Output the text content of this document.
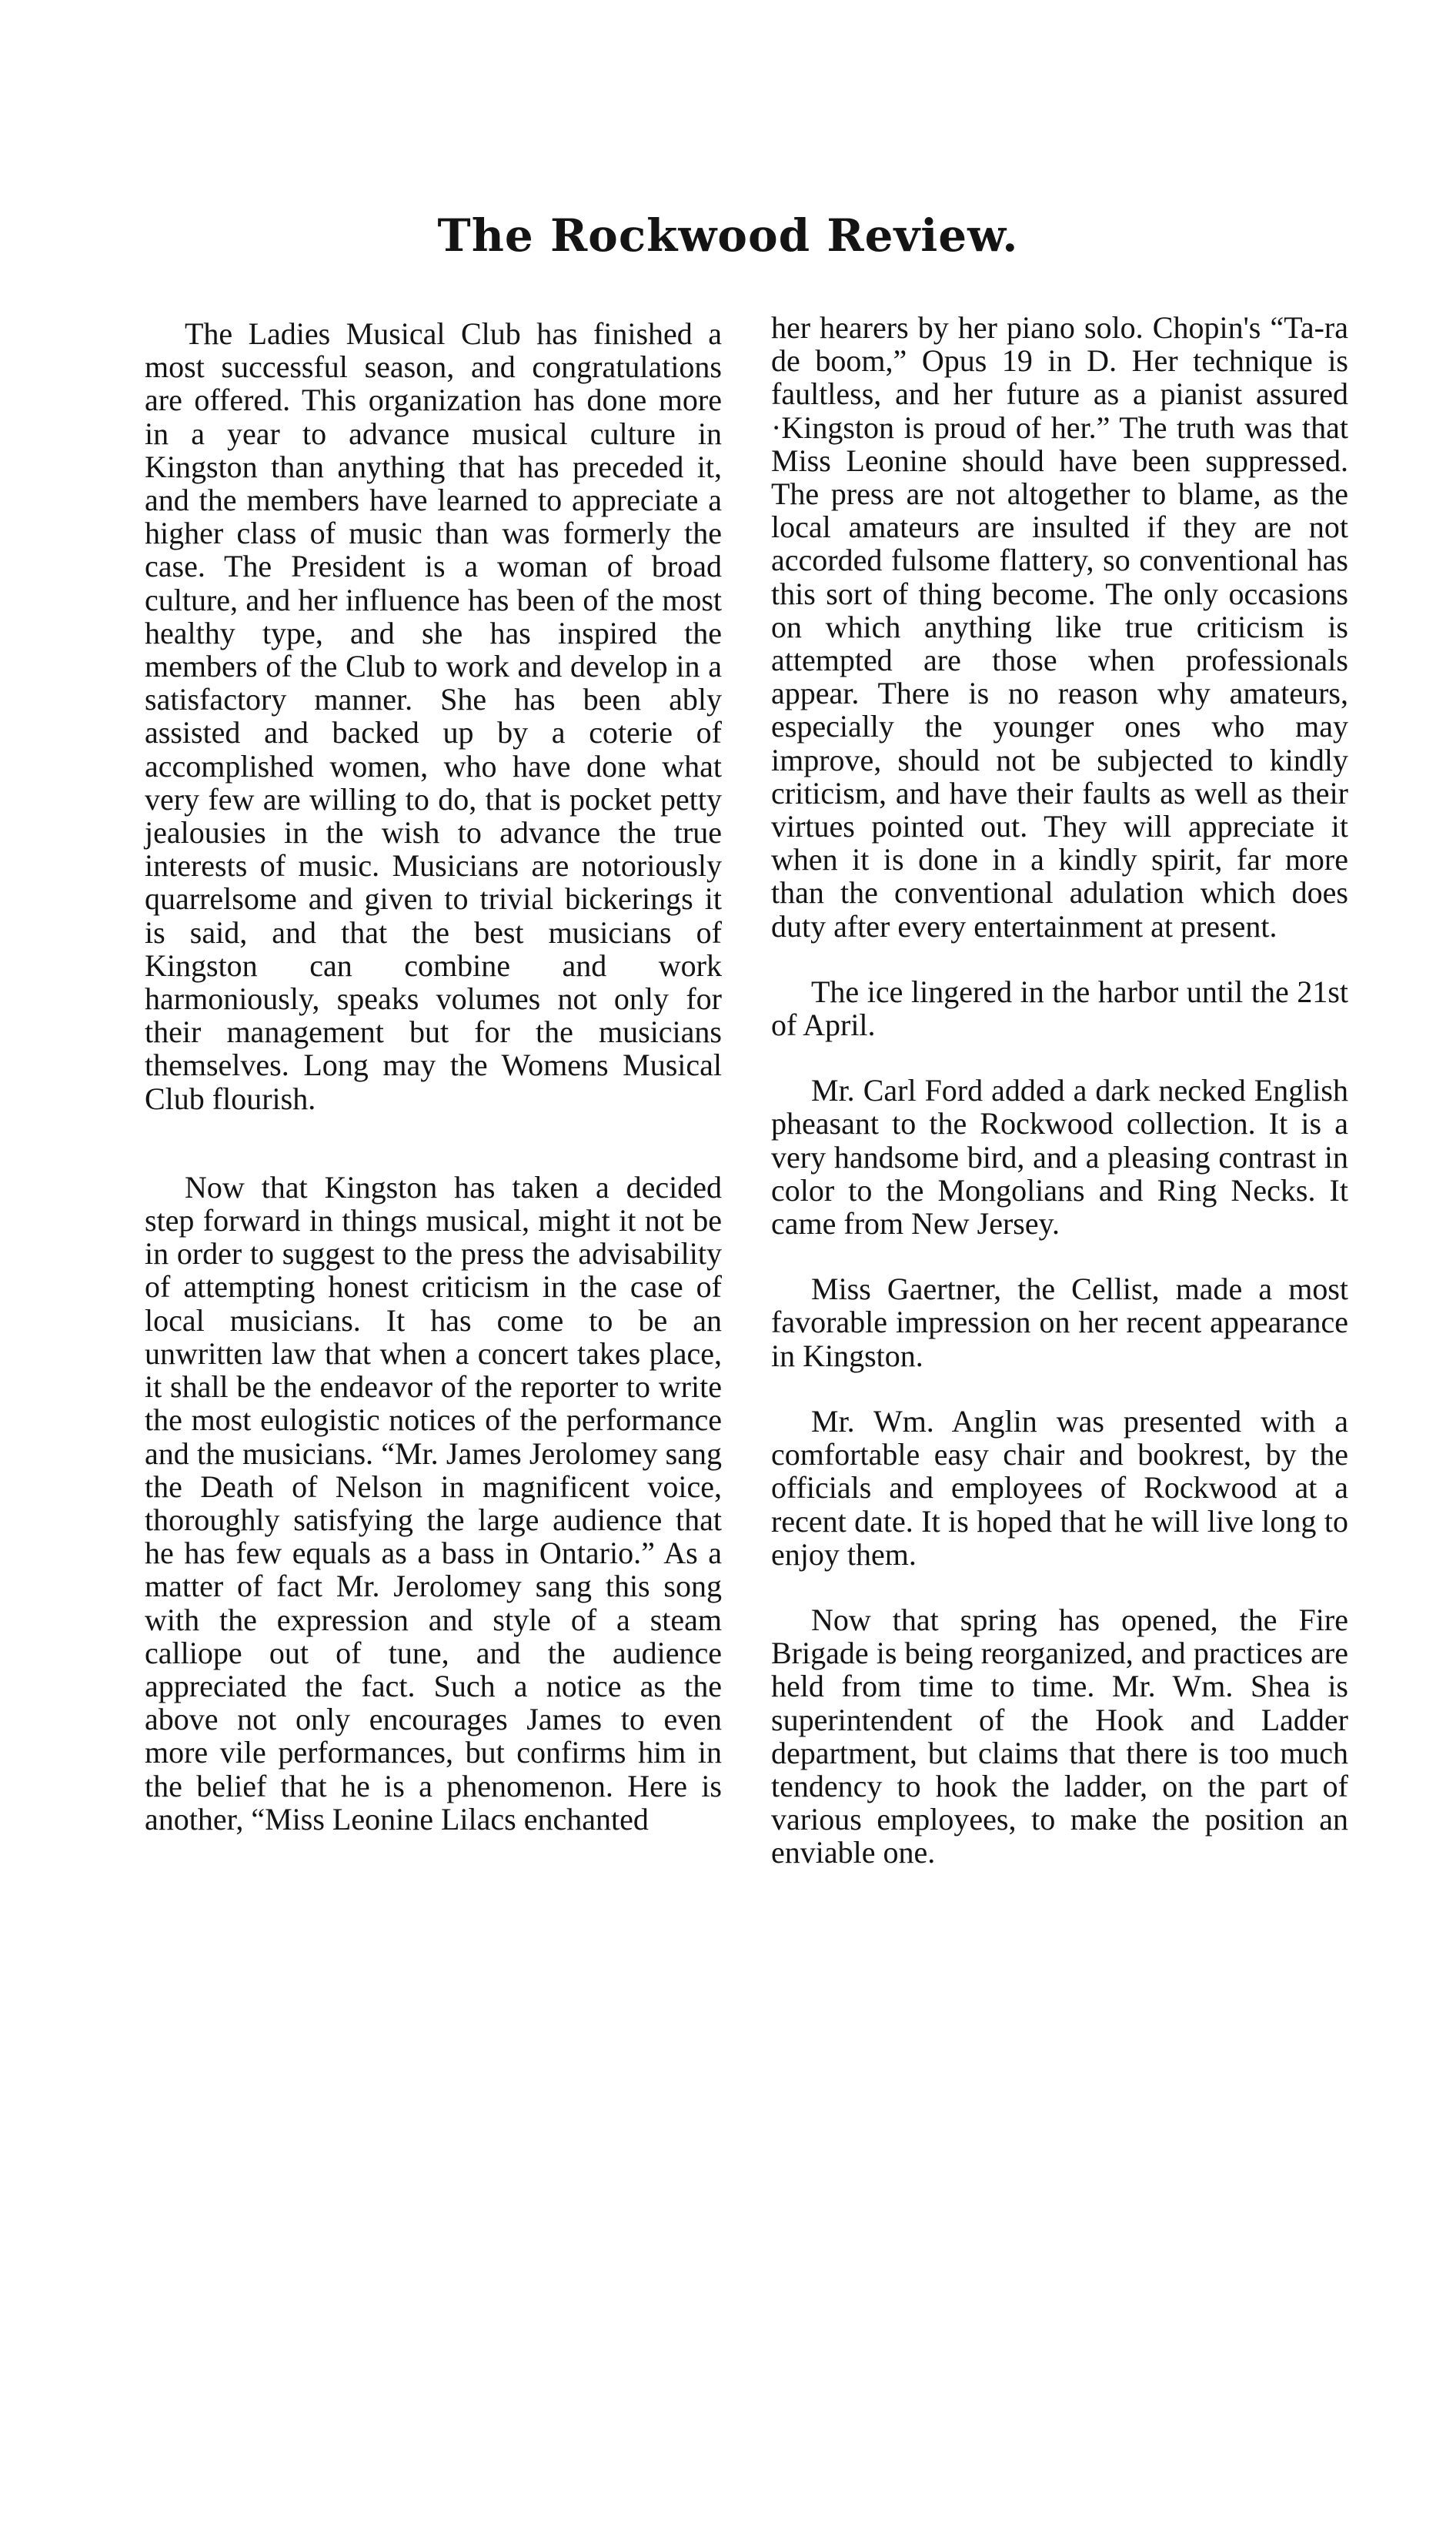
The Rockwood Review.

The Ladies Musical Club has finished a most successful season, and congratulations are offered. This organization has done more in a year to advance musical culture in Kingston than anything that has preceded it, and the members have learned to appreciate a higher class of music than was formerly the case. The President is a woman of broad culture, and her influence has been of the most healthy type, and she has inspired the members of the Club to work and develop in a satisfactory manner. She has been ably assisted and backed up by a coterie of accomplished women, who have done what very few are willing to do, that is pocket petty jealousies in the wish to advance the true interests of music. Musicians are notoriously quarrelsome and given to trivial bickerings it is said, and that the best musicians of Kingston can combine and work harmoniously, speaks volumes not only for their management but for the musicians themselves. Long may the Womens Musical Club flourish.

Now that Kingston has taken a decided step forward in things musical, might it not be in order to suggest to the press the advisability of attempting honest criticism in the case of local musicians. It has come to be an unwritten law that when a concert takes place, it shall be the endeavor of the reporter to write the most eulogistic notices of the performance and the musicians. “Mr. James Jerolomey sang the Death of Nelson in magnificent voice, thoroughly satisfying the large audience that he has few equals as a bass in Ontario.” As a matter of fact Mr. Jerolomey sang this song with the expression and style of a steam calliope out of tune, and the audience appreciated the fact. Such a notice as the above not only encourages James to even more vile performances, but confirms him in the belief that he is a phenomenon. Here is another, “Miss Leonine Lilacs enchanted

her hearers by her piano solo. Chopin's “Ta-ra de boom,” Opus 19 in D. Her technique is faultless, and her future as a pianist assured ·Kingston is proud of her.” The truth was that Miss Leonine should have been suppressed. The press are not altogether to blame, as the local amateurs are insulted if they are not accorded fulsome flattery, so conventional has this sort of thing become. The only occasions on which anything like true criticism is attempted are those when professionals appear. There is no reason why amateurs, especially the younger ones who may improve, should not be subjected to kindly criticism, and have their faults as well as their virtues pointed out. They will appreciate it when it is done in a kindly spirit, far more than the conventional adulation which does duty after every entertainment at present.

The ice lingered in the harbor until the 21st of April.

Mr. Carl Ford added a dark necked English pheasant to the Rockwood collection. It is a very handsome bird, and a pleasing contrast in color to the Mongolians and Ring Necks. It came from New Jersey.

Miss Gaertner, the Cellist, made a most favorable impression on her recent appearance in Kingston.

Mr. Wm. Anglin was presented with a comfortable easy chair and bookrest, by the officials and employees of Rockwood at a recent date. It is hoped that he will live long to enjoy them.

Now that spring has opened, the Fire Brigade is being reorganized, and practices are held from time to time. Mr. Wm. Shea is superintendent of the Hook and Ladder department, but claims that there is too much tendency to hook the ladder, on the part of various employees, to make the position an enviable one.
